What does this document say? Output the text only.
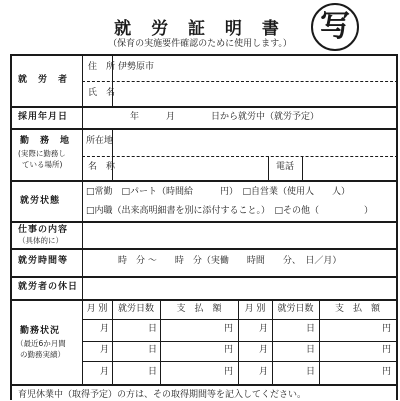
就 労 証 明 書
（保育の実施要件確認のために使用します。） 写
就　労　者
住　所 伊勢原市
氏　名
採用年月日	年　　　月　　　　日から就労中（就労予定）
勤　務　地
(実際に勤務し
ている場所)
所在地
名　称	電話
就労状態
□常勤　□パート（時間給　　　円）　□自営業（使用人　　人）
□内職（出来高明細書を別に添付すること。）　□その他（　　　　　）
仕事の内容
（具体的に）
就労時間等	時　分 〜　　時　分（実働　　時間　　分、　日／月）
就労者の休日
勤務状況
（最近6か月間
の勤務実績）
月 別	就労日数	支　払　額	月 別	就労日数	支　払　額
月	日	円	月	日	円
月	日	円	月	日	円
月	日	円	月	日	円
育児休業中（取得予定）の方は、その取得期間等を記入してください。
